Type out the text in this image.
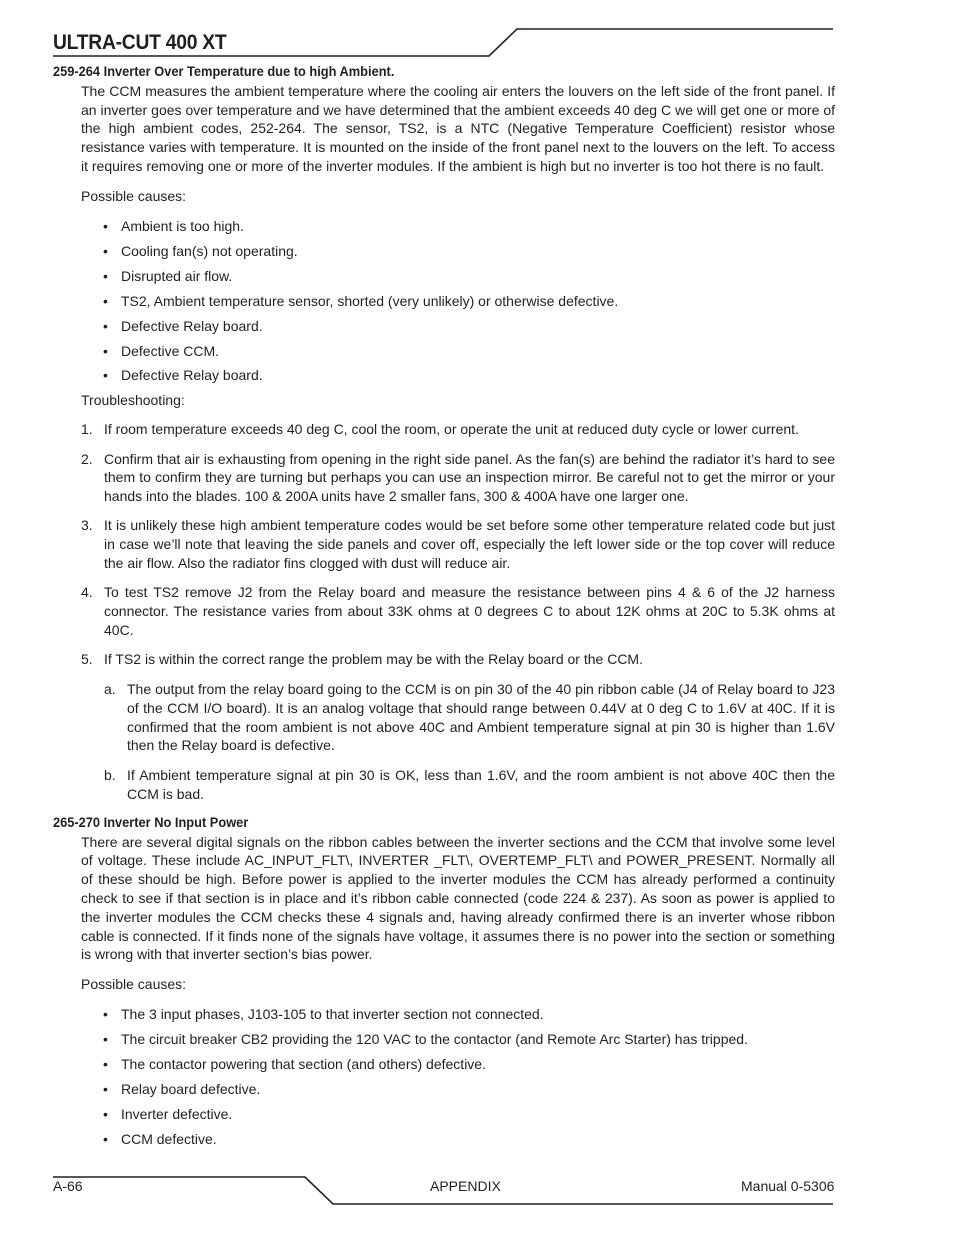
ULTRA-CUT 400 XT

259-264 Inverter Over Temperature due to high Ambient.

The CCM measures the ambient temperature where the cooling air enters the louvers on the left side of the front panel. If an inverter goes over temperature and we have determined that the ambient exceeds 40 deg C we will get one or more of the high ambient codes, 252-264. The sensor, TS2, is a NTC (Negative Temperature Coefficient) resistor whose resistance varies with temperature. It is mounted on the inside of the front panel next to the louvers on the left. To access it requires removing one or more of the inverter modules. If the ambient is high but no inverter is too hot there is no fault.

Possible causes:

• Ambient is too high.
• Cooling fan(s) not operating.
• Disrupted air flow.
• TS2, Ambient temperature sensor, shorted (very unlikely) or otherwise defective.
• Defective Relay board.
• Defective CCM.
• Defective Relay board.

Troubleshooting:

1. If room temperature exceeds 40 deg C, cool the room, or operate the unit at reduced duty cycle or lower current.
2. Confirm that air is exhausting from opening in the right side panel. As the fan(s) are behind the radiator it’s hard to see them to confirm they are turning but perhaps you can use an inspection mirror. Be careful not to get the mirror or your hands into the blades. 100 & 200A units have 2 smaller fans, 300 & 400A have one larger one.
3. It is unlikely these high ambient temperature codes would be set before some other temperature related code but just in case we’ll note that leaving the side panels and cover off, especially the left lower side or the top cover will reduce the air flow. Also the radiator fins clogged with dust will reduce air.
4. To test TS2 remove J2 from the Relay board and measure the resistance between pins 4 & 6 of the J2 harness connector. The resistance varies from about 33K ohms at 0 degrees C to about 12K ohms at 20C to 5.3K ohms at 40C.
5. If TS2 is within the correct range the problem may be with the Relay board or the CCM.
a. The output from the relay board going to the CCM is on pin 30 of the 40 pin ribbon cable (J4 of Relay board to J23 of the CCM I/O board). It is an analog voltage that should range between 0.44V at 0 deg C to 1.6V at 40C. If it is confirmed that the room ambient is not above 40C and Ambient temperature signal at pin 30 is higher than 1.6V then the Relay board is defective.
b. If Ambient temperature signal at pin 30 is OK, less than 1.6V, and the room ambient is not above 40C then the CCM is bad.

265-270 Inverter No Input Power

There are several digital signals on the ribbon cables between the inverter sections and the CCM that involve some level of voltage. These include AC_INPUT_FLT\, INVERTER _FLT\, OVERTEMP_FLT\ and POWER_PRESENT. Normally all of these should be high. Before power is applied to the inverter modules the CCM has already performed a continuity check to see if that section is in place and it’s ribbon cable connected (code 224 & 237). As soon as power is applied to the inverter modules the CCM checks these 4 signals and, having already confirmed there is an inverter whose ribbon cable is connected. If it finds none of the signals have voltage, it assumes there is no power into the section or something is wrong with that inverter section’s bias power.

Possible causes:

• The 3 input phases, J103-105 to that inverter section not connected.
• The circuit breaker CB2 providing the 120 VAC to the contactor (and Remote Arc Starter) has tripped.
• The contactor powering that section (and others) defective.
• Relay board defective.
• Inverter defective.
• CCM defective.
A-66	APPENDIX	Manual 0-5306
